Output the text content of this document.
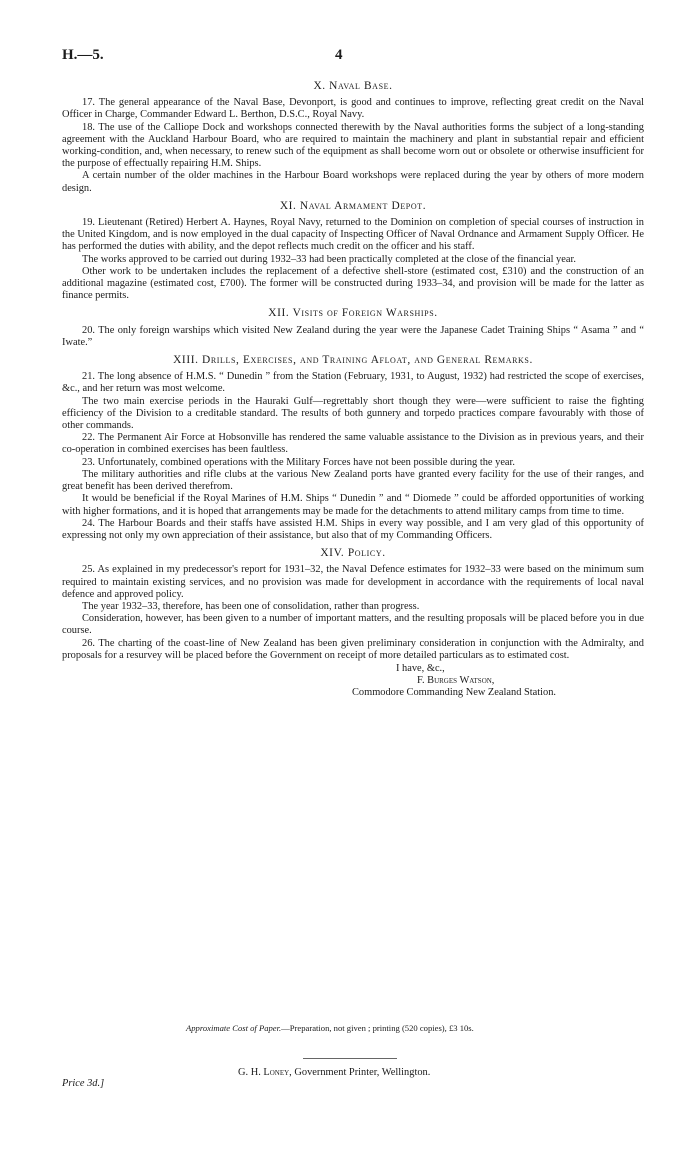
H.—5.	4
X. Naval Base.

17. The general appearance of the Naval Base, Devonport, is good and continues to improve, reflecting great credit on the Naval Officer in Charge, Commander Edward L. Berthon, D.S.C., Royal Navy.

18. The use of the Calliope Dock and workshops connected therewith by the Naval authorities forms the subject of a long-standing agreement with the Auckland Harbour Board, who are required to maintain the machinery and plant in substantial repair and efficient working-condition, and, when necessary, to renew such of the equipment as shall become worn out or obsolete or otherwise insufficient for the purpose of effectually repairing H.M. Ships.

A certain number of the older machines in the Harbour Board workshops were replaced during the year by others of more modern design.

XI. Naval Armament Depot.

19. Lieutenant (Retired) Herbert A. Haynes, Royal Navy, returned to the Dominion on completion of special courses of instruction in the United Kingdom, and is now employed in the dual capacity of Inspecting Officer of Naval Ordnance and Armament Supply Officer. He has performed the duties with ability, and the depot reflects much credit on the officer and his staff.

The works approved to be carried out during 1932–33 had been practically completed at the close of the financial year.

Other work to be undertaken includes the replacement of a defective shell-store (estimated cost, £310) and the construction of an additional magazine (estimated cost, £700). The former will be constructed during 1933–34, and provision will be made for the latter as finance permits.

XII. Visits of Foreign Warships.

20. The only foreign warships which visited New Zealand during the year were the Japanese Cadet Training Ships “ Asama ” and “ Iwate.”

XIII. Drills, Exercises, and Training Afloat, and General Remarks.

21. The long absence of H.M.S. “ Dunedin ” from the Station (February, 1931, to August, 1932) had restricted the scope of exercises, &c., and her return was most welcome.

The two main exercise periods in the Hauraki Gulf—regrettably short though they were—were sufficient to raise the fighting efficiency of the Division to a creditable standard. The results of both gunnery and torpedo practices compare favourably with those of other commands.

22. The Permanent Air Force at Hobsonville has rendered the same valuable assistance to the Division as in previous years, and their co-operation in combined exercises has been faultless.

23. Unfortunately, combined operations with the Military Forces have not been possible during the year.

The military authorities and rifle clubs at the various New Zealand ports have granted every facility for the use of their ranges, and great benefit has been derived therefrom.

It would be beneficial if the Royal Marines of H.M. Ships “ Dunedin ” and “ Diomede ” could be afforded opportunities of working with higher formations, and it is hoped that arrangements may be made for the detachments to attend military camps from time to time.

24. The Harbour Boards and their staffs have assisted H.M. Ships in every way possible, and I am very glad of this opportunity of expressing not only my own appreciation of their assistance, but also that of my Commanding Officers.

XIV. Policy.

25. As explained in my predecessor's report for 1931–32, the Naval Defence estimates for 1932–33 were based on the minimum sum required to maintain existing services, and no provision was made for development in accordance with the requirements of local naval defence and approved policy.

The year 1932–33, therefore, has been one of consolidation, rather than progress.

Consideration, however, has been given to a number of important matters, and the resulting proposals will be placed before you in due course.

26. The charting of the coast-line of New Zealand has been given preliminary consideration in conjunction with the Admiralty, and proposals for a resurvey will be placed before the Government on receipt of more detailed particulars as to estimated cost.

I have, &c.,
F. Burges Watson,
Commodore Commanding New Zealand Station.
Approximate Cost of Paper.—Preparation, not given ; printing (520 copies), £3 10s.
G. H. Loney, Government Printer, Wellington.
Price 3d.]
